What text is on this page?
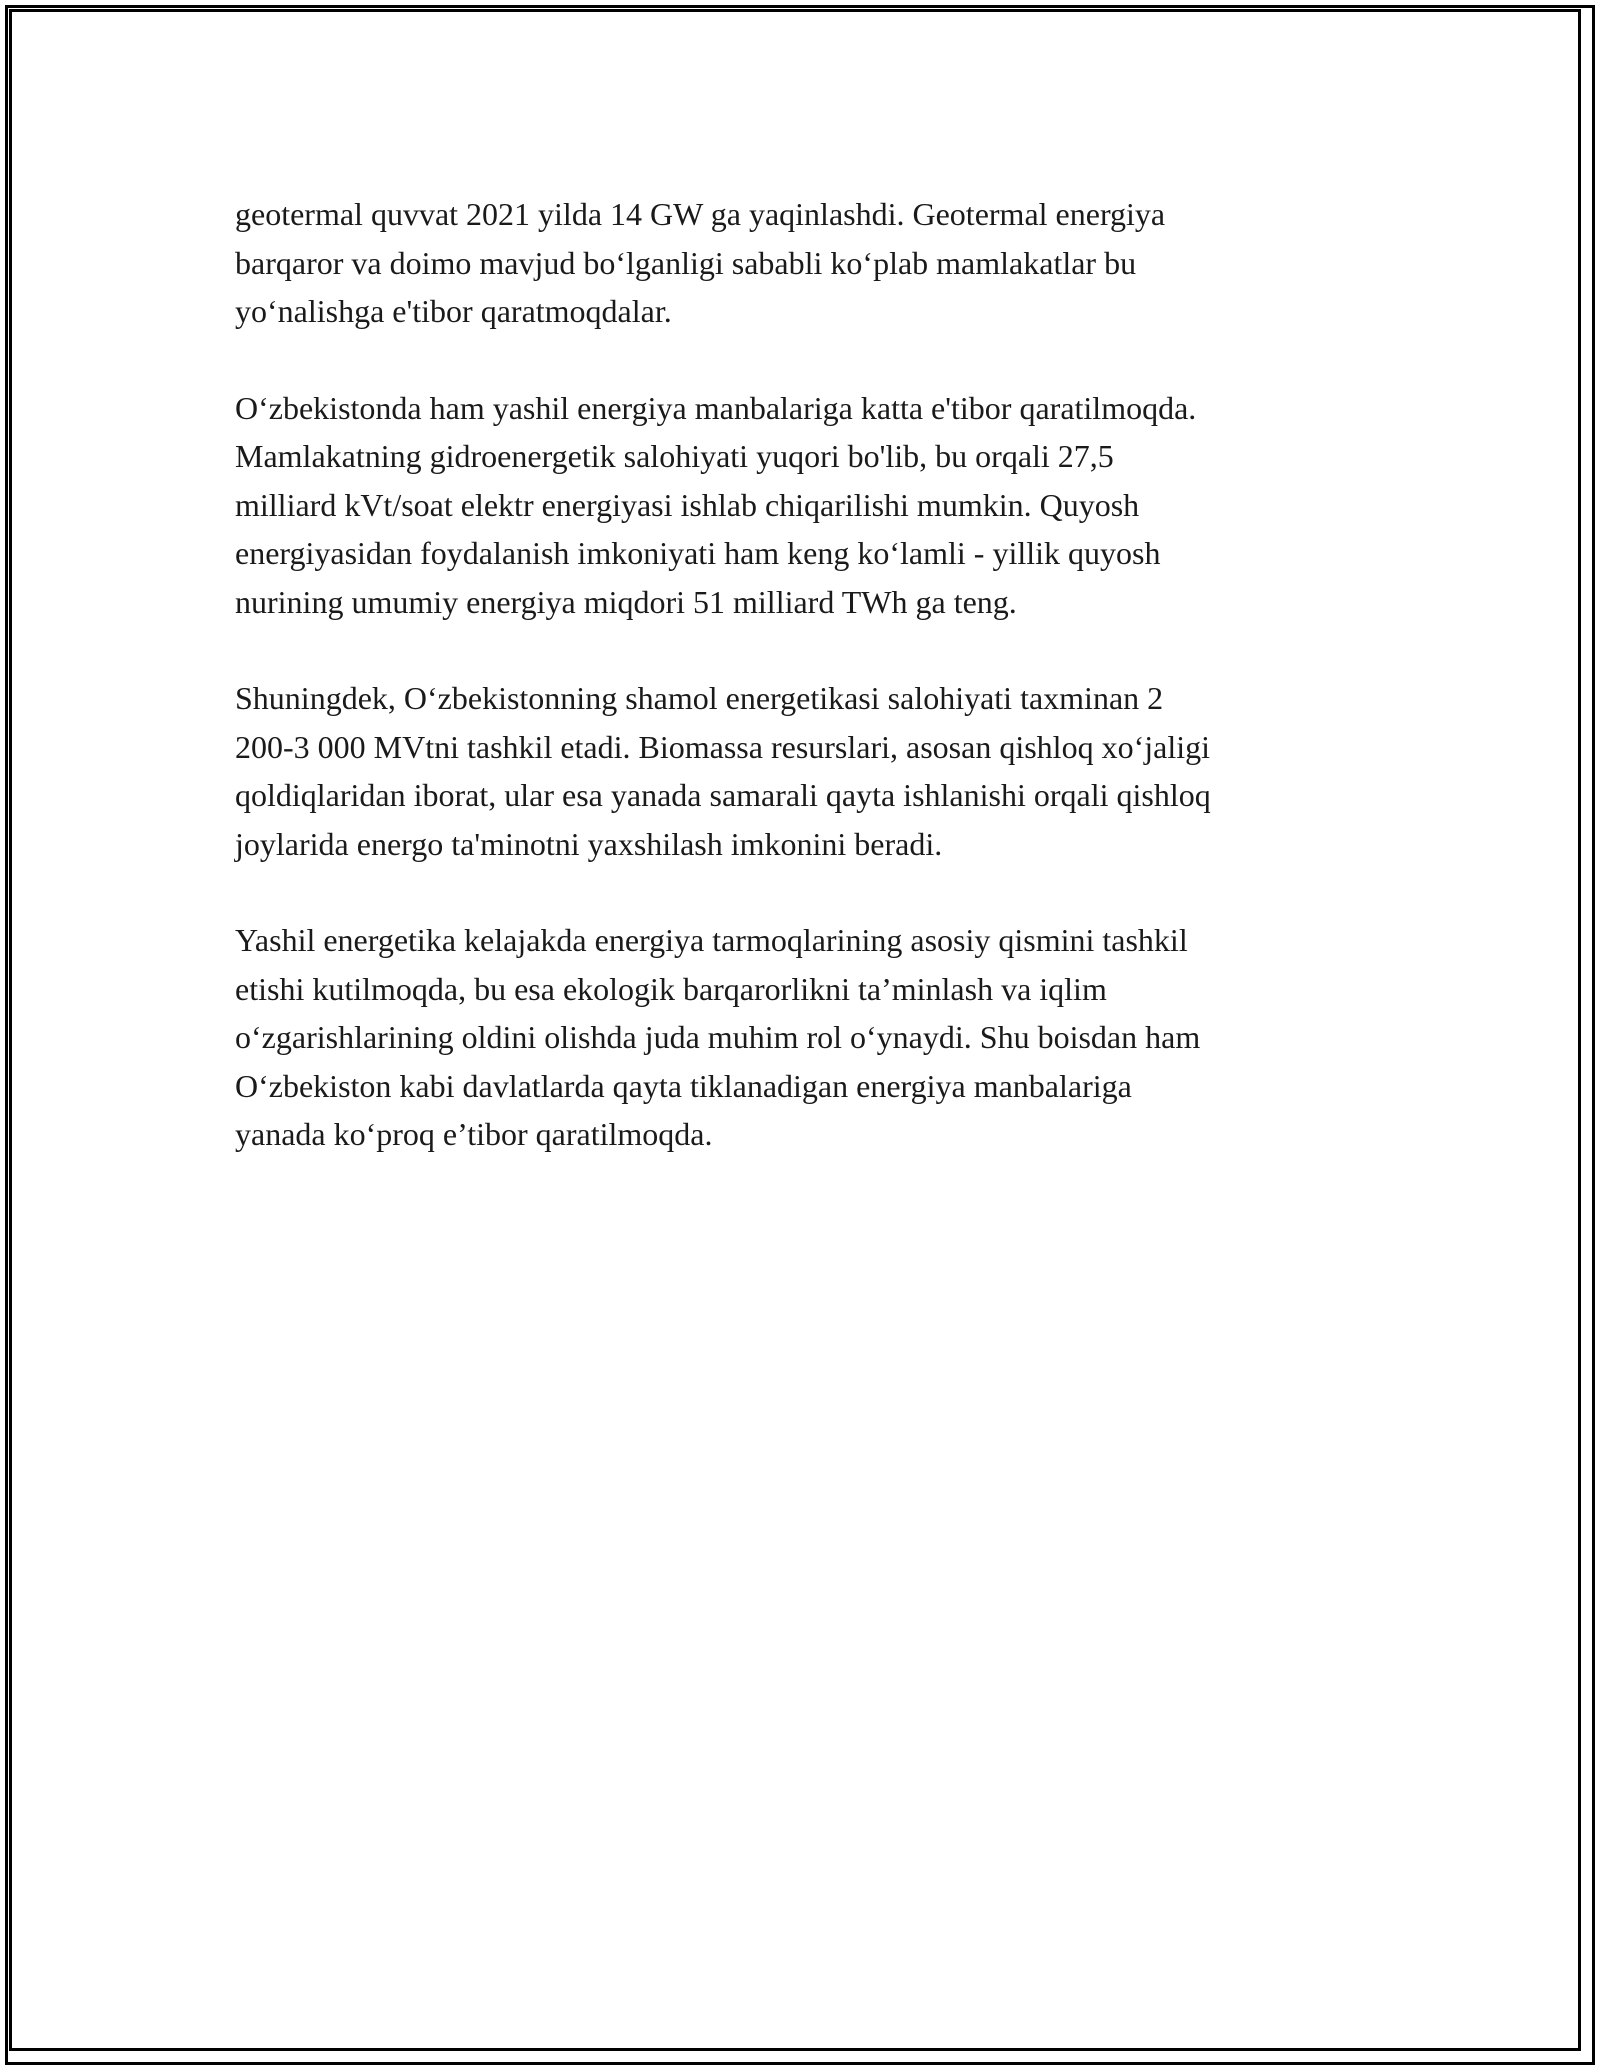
geotermal quvvat 2021 yilda 14 GW ga yaqinlashdi. Geotermal energiya
barqaror va doimo mavjud bo‘lganligi sababli ko‘plab mamlakatlar bu
yo‘nalishga e'tibor qaratmoqdalar.

O‘zbekistonda ham yashil energiya manbalariga katta e'tibor qaratilmoqda.
Mamlakatning gidroenergetik salohiyati yuqori bo'lib, bu orqali 27,5
milliard kVt/soat elektr energiyasi ishlab chiqarilishi mumkin. Quyosh
energiyasidan foydalanish imkoniyati ham keng ko‘lamli - yillik quyosh
nurining umumiy energiya miqdori 51 milliard TWh ga teng.

Shuningdek, O‘zbekistonning shamol energetikasi salohiyati taxminan 2
200-3 000 MVtni tashkil etadi. Biomassa resurslari, asosan qishloq xo‘jaligi
qoldiqlaridan iborat, ular esa yanada samarali qayta ishlanishi orqali qishloq
joylarida energo ta'minotni yaxshilash imkonini beradi.

Yashil energetika kelajakda energiya tarmoqlarining asosiy qismini tashkil
etishi kutilmoqda, bu esa ekologik barqarorlikni ta’minlash va iqlim
o‘zgarishlarining oldini olishda juda muhim rol o‘ynaydi. Shu boisdan ham
O‘zbekiston kabi davlatlarda qayta tiklanadigan energiya manbalariga
yanada ko‘proq e’tibor qaratilmoqda.
